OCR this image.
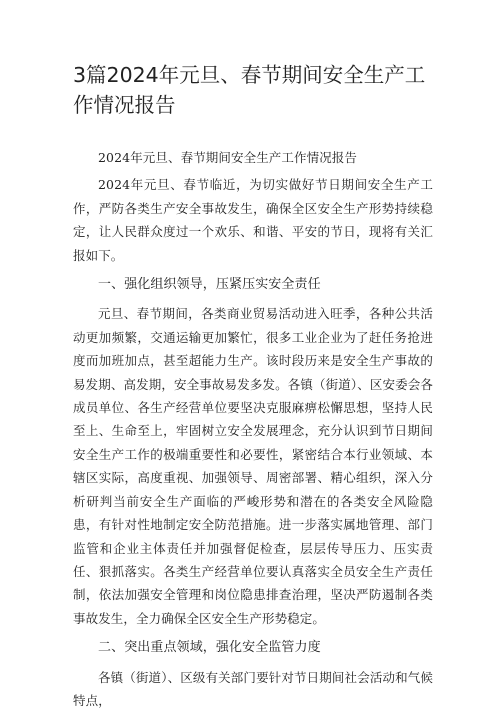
3篇2024年元旦、春节期间安全生产工作情况报告

2024年元旦、春节期间安全生产工作情况报告

2024年元旦、春节临近，为切实做好节日期间安全生产工作，严防各类生产安全事故发生，确保全区安全生产形势持续稳定，让人民群众度过一个欢乐、和谐、平安的节日，现将有关汇报如下。

一、强化组织领导，压紧压实安全责任

元旦、春节期间，各类商业贸易活动进入旺季，各种公共活动更加频繁，交通运输更加繁忙，很多工业企业为了赶任务抢进度而加班加点，甚至超能力生产。该时段历来是安全生产事故的易发期、高发期，安全事故易发多发。各镇（街道）、区安委会各成员单位、各生产经营单位要坚决克服麻痹松懈思想，坚持人民至上、生命至上，牢固树立安全发展理念，充分认识到节日期间安全生产工作的极端重要性和必要性，紧密结合本行业领域、本辖区实际，高度重视、加强领导、周密部署、精心组织，深入分析研判当前安全生产面临的严峻形势和潜在的各类安全风险隐患，有针对性地制定安全防范措施。进一步落实属地管理、部门监管和企业主体责任并加强督促检查，层层传导压力、压实责任、狠抓落实。各类生产经营单位要认真落实全员安全生产责任制，依法加强安全管理和岗位隐患排查治理，坚决严防遏制各类事故发生，全力确保全区安全生产形势稳定。

二、突出重点领域，强化安全监管力度

各镇（街道）、区级有关部门要针对节日期间社会活动和气候特点，
